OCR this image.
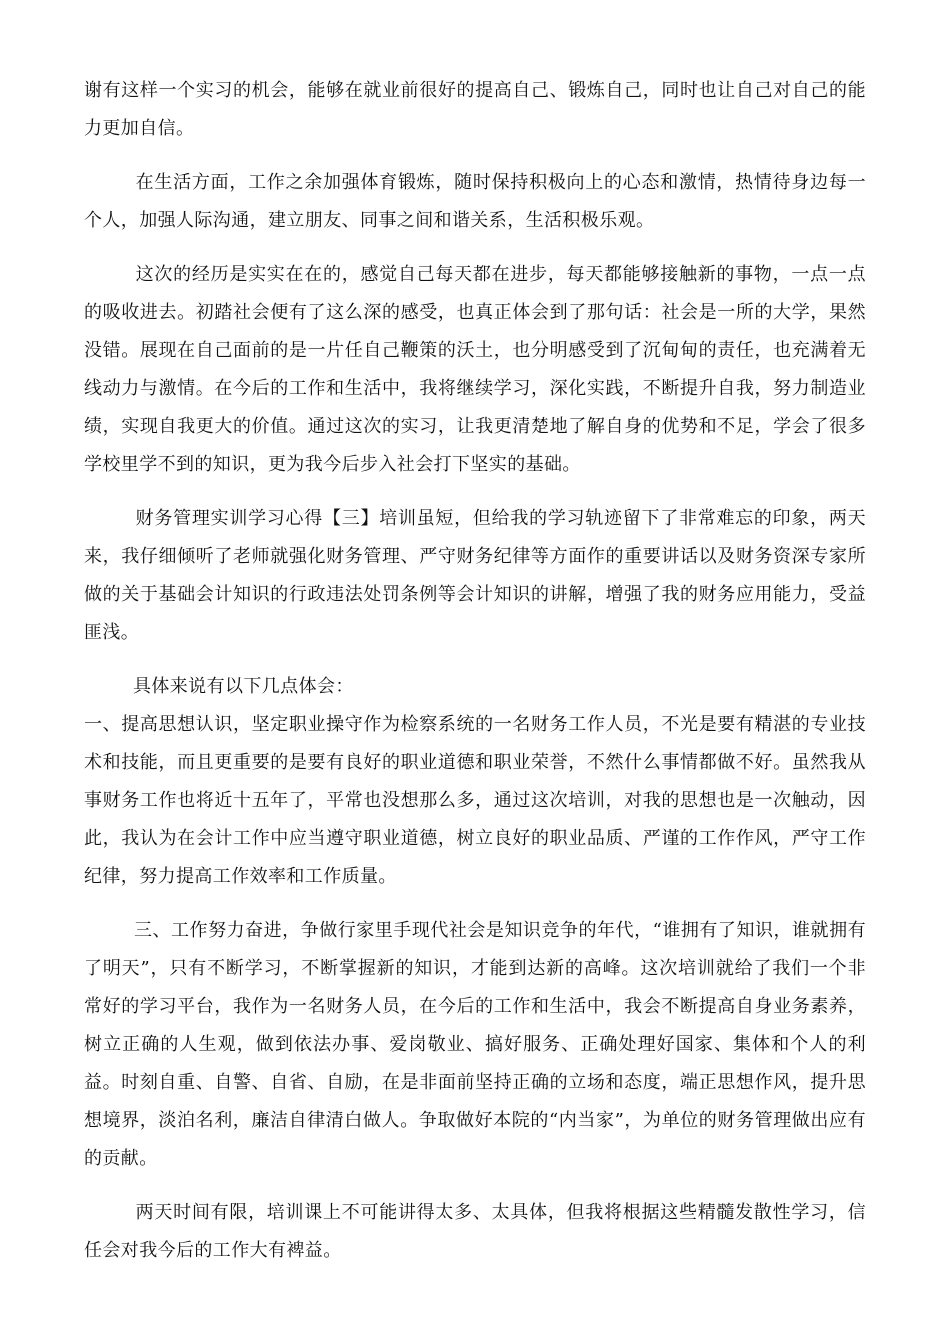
谢有这样一个实习的机会，能够在就业前很好的提高自己、锻炼自己，同时也让自己对自己的能力更加自信。

在生活方面，工作之余加强体育锻炼，随时保持积极向上的心态和激情，热情待身边每一个人，加强人际沟通，建立朋友、同事之间和谐关系，生活积极乐观。

这次的经历是实实在在的，感觉自己每天都在进步，每天都能够接触新的事物，一点一点的吸收进去。初踏社会便有了这么深的感受，也真正体会到了那句话：社会是一所的大学，果然没错。展现在自己面前的是一片任自己鞭策的沃土，也分明感受到了沉甸甸的责任，也充满着无线动力与激情。在今后的工作和生活中，我将继续学习，深化实践，不断提升自我，努力制造业绩，实现自我更大的价值。通过这次的实习，让我更清楚地了解自身的优势和不足，学会了很多学校里学不到的知识，更为我今后步入社会打下坚实的基础。

财务管理实训学习心得【三】培训虽短，但给我的学习轨迹留下了非常难忘的印象，两天来，我仔细倾听了老师就强化财务管理、严守财务纪律等方面作的重要讲话以及财务资深专家所做的关于基础会计知识的行政违法处罚条例等会计知识的讲解，增强了我的财务应用能力，受益匪浅。

具体来说有以下几点体会：

一、提高思想认识，坚定职业操守作为检察系统的一名财务工作人员，不光是要有精湛的专业技术和技能，而且更重要的是要有良好的职业道德和职业荣誉，不然什么事情都做不好。虽然我从事财务工作也将近十五年了，平常也没想那么多，通过这次培训，对我的思想也是一次触动，因此，我认为在会计工作中应当遵守职业道德，树立良好的职业品质、严谨的工作作风，严守工作纪律，努力提高工作效率和工作质量。

三、工作努力奋进，争做行家里手现代社会是知识竞争的年代，“谁拥有了知识，谁就拥有了明天”，只有不断学习，不断掌握新的知识，才能到达新的高峰。这次培训就给了我们一个非常好的学习平台，我作为一名财务人员，在今后的工作和生活中，我会不断提高自身业务素养，树立正确的人生观，做到依法办事、爱岗敬业、搞好服务、正确处理好国家、集体和个人的利益。时刻自重、自警、自省、自励，在是非面前坚持正确的立场和态度，端正思想作风，提升思想境界，淡泊名利，廉洁自律清白做人。争取做好本院的“内当家”，为单位的财务管理做出应有的贡献。

两天时间有限，培训课上不可能讲得太多、太具体，但我将根据这些精髓发散性学习，信任会对我今后的工作大有裨益。
